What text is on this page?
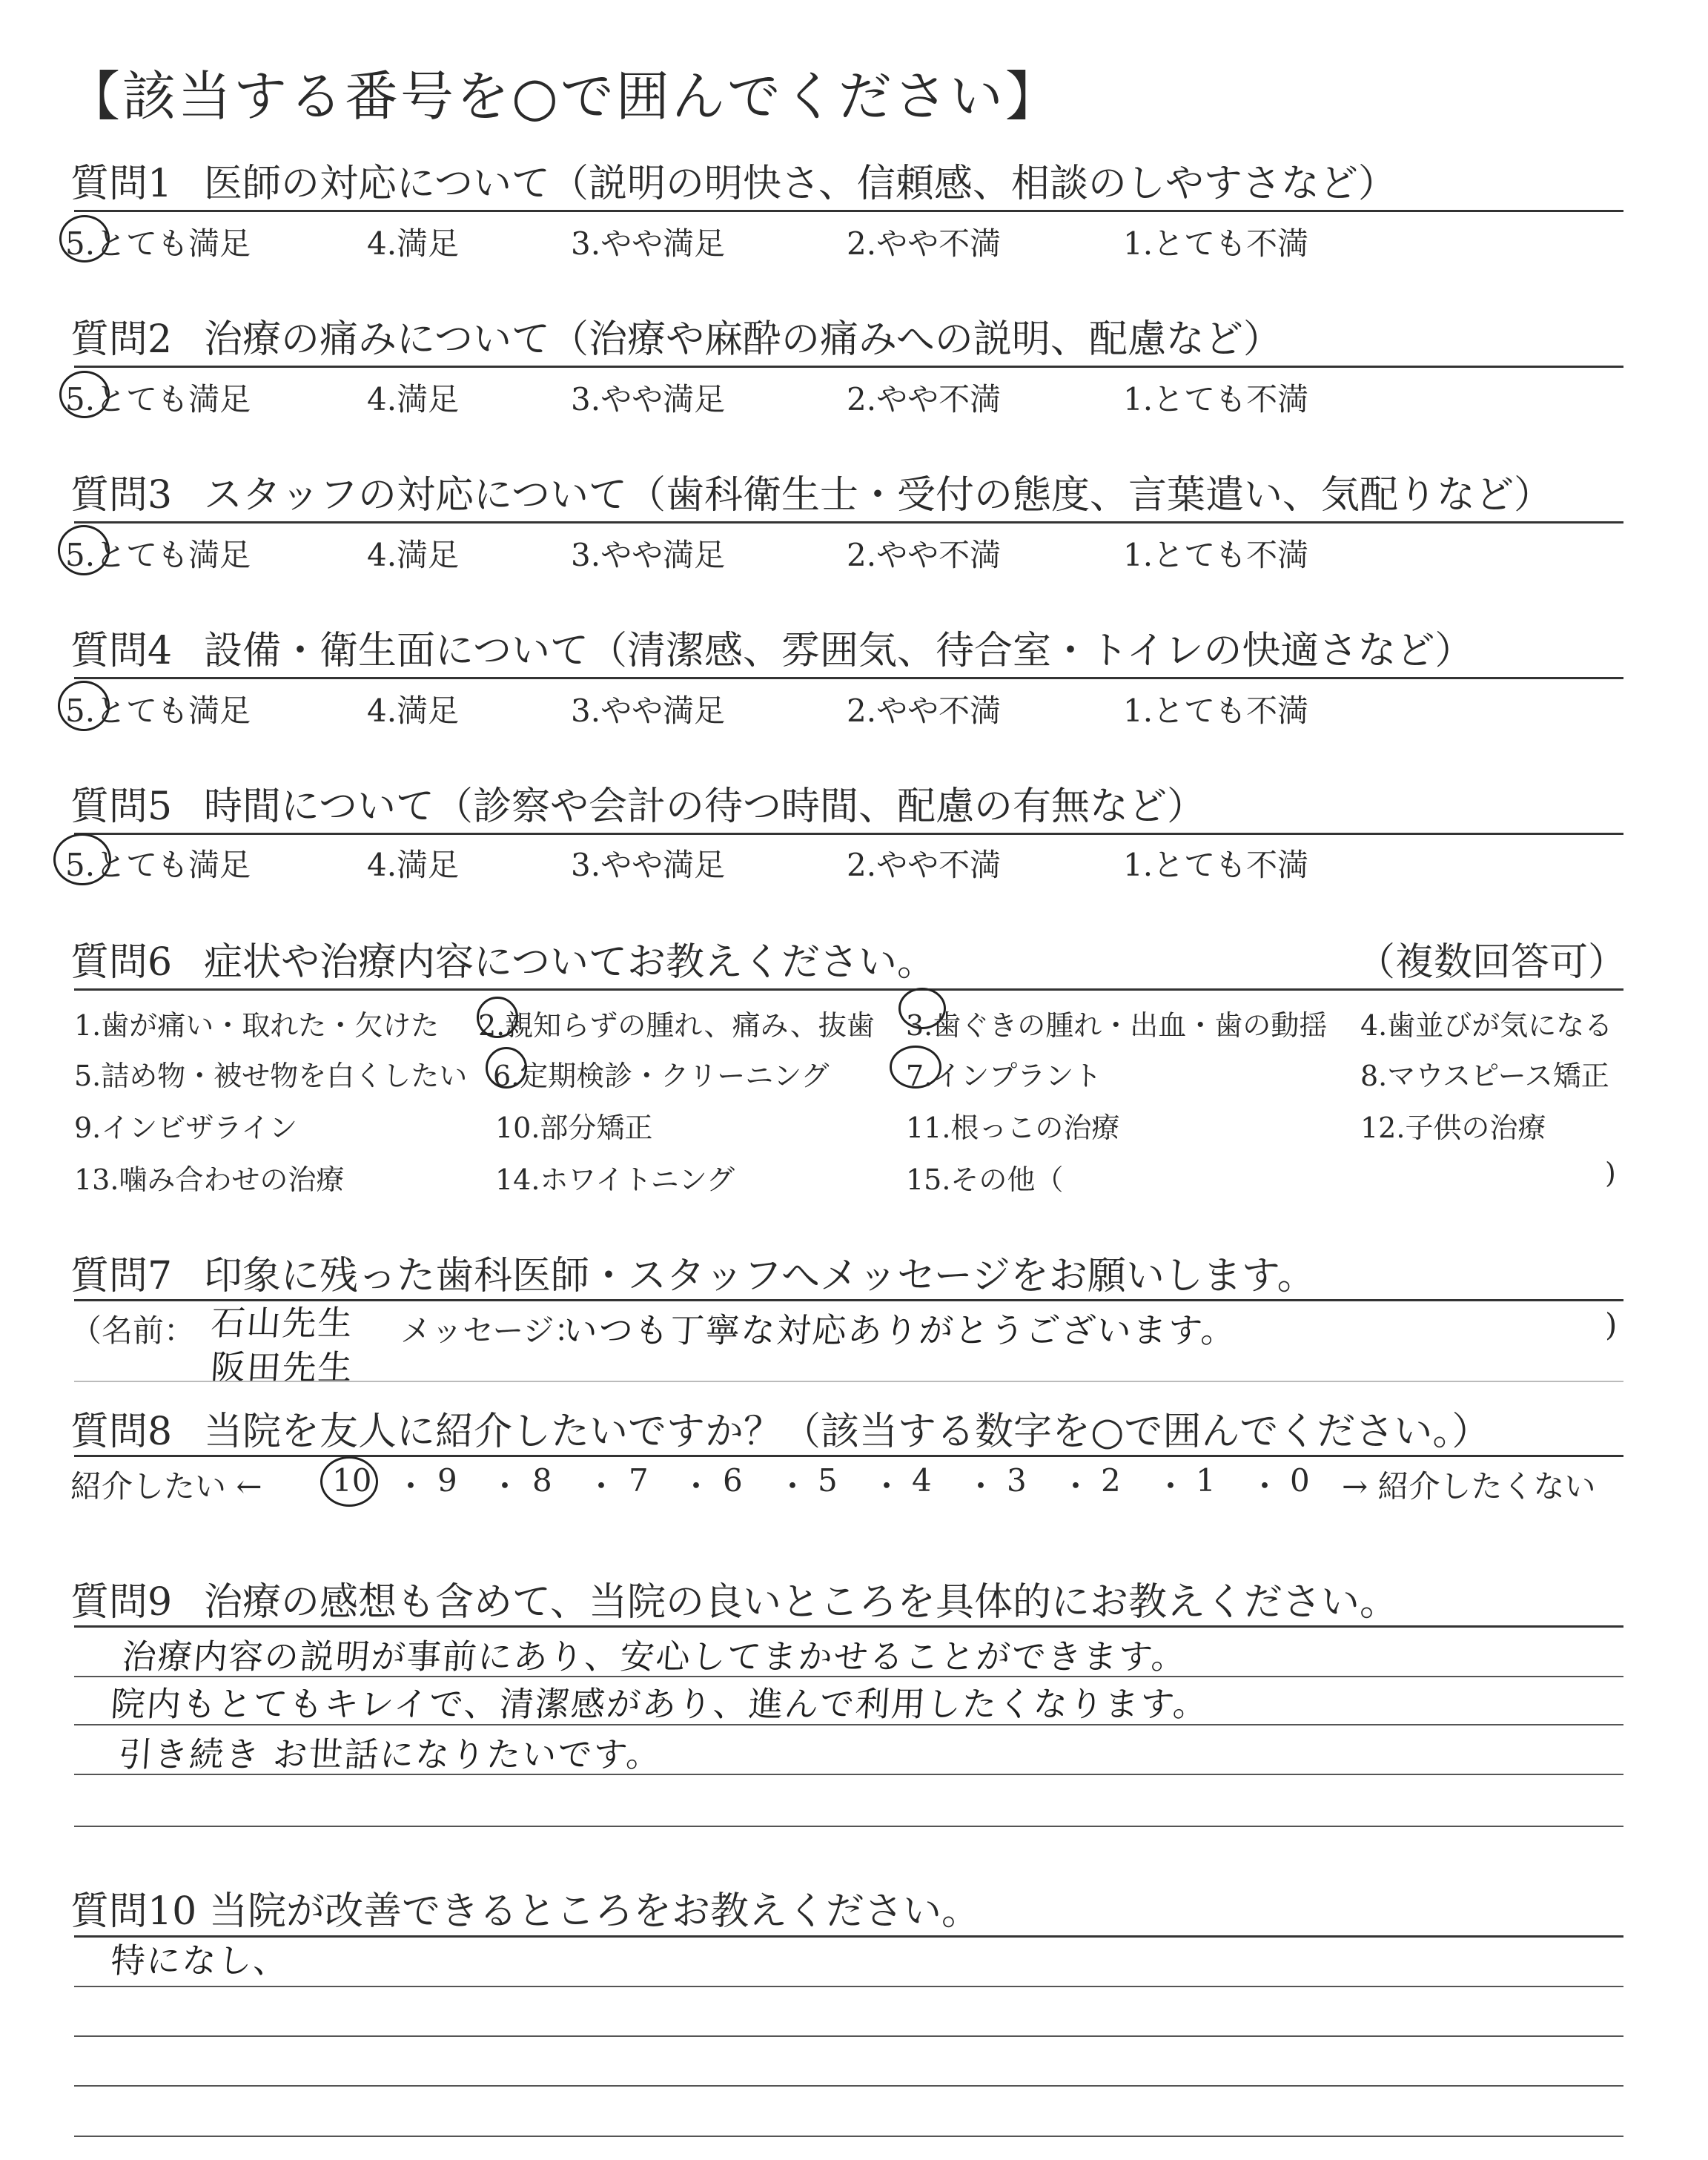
【該当する番号を○で囲んでください】
質問1 医師の対応について（説明の明快さ、信頼感、相談のしやすさなど）
5.とても満足	4.満足	3.やや満足	2.やや不満	1.とても不満
質問2 治療の痛みについて（治療や麻酔の痛みへの説明、配慮など）
5.とても満足	4.満足	3.やや満足	2.やや不満	1.とても不満
質問3 スタッフの対応について（歯科衛生士・受付の態度、言葉遣い、気配りなど）
5.とても満足	4.満足	3.やや満足	2.やや不満	1.とても不満
質問4 設備・衛生面について（清潔感、雰囲気、待合室・トイレの快適さなど）
5.とても満足	4.満足	3.やや満足	2.やや不満	1.とても不満
質問5 時間について（診察や会計の待つ時間、配慮の有無など）
5.とても満足	4.満足	3.やや満足	2.やや不満	1.とても不満
質問6 症状や治療内容についてお教えください。	（複数回答可）
1.歯が痛い・取れた・欠けた 2.親知らずの腫れ、痛み、抜歯 3.歯ぐきの腫れ・出血・歯の動揺 4.歯並びが気になる
5.詰め物・被せ物を白くしたい 6.定期検診・クリーニング	7.インプラント	8.マウスピース矯正
9.インビザライン	10.部分矯正	11.根っこの治療	12.子供の治療
13.噛み合わせの治療	14.ホワイトニング	15.その他（	)
質問7 印象に残った歯科医師・スタッフへメッセージをお願いします。
（名前： 石山先生
阪田先生
メッセージ：
いつも丁寧な対応ありがとうございます。	)
質問8 当院を友人に紹介したいですか？（該当する数字を○で囲んでください。）
紹介したい ← 10 ・ 9 ・ 8 ・ 7 ・ 6 ・ 5 ・ 4 ・ 3 ・ 2 ・ 1 ・ 0 → 紹介したくない
質問9 治療の感想も含めて、当院の良いところを具体的にお教えください。
治療内容の説明が事前にあり、安心してまかせることができます。
院内もとてもキレイで、清潔感があり、進んで利用したくなります。
引き続き お世話になりたいです。
質問10 当院が改善できるところをお教えください。
特になし、
